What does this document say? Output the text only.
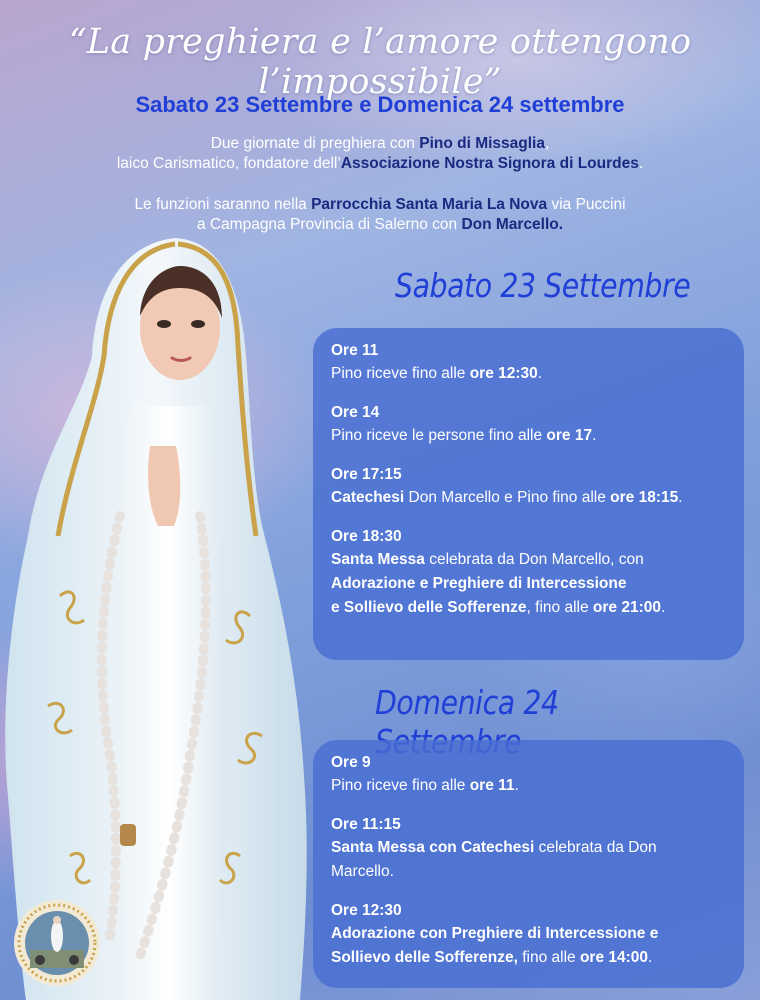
“La preghiera e l’amore ottengono l’impossibile”
Sabato 23 Settembre e Domenica 24 settembre
Due giornate di preghiera con Pino di Missaglia,
laico Carismatico, fondatore dell’Associazione Nostra Signora di Lourdes.
Le funzioni saranno nella Parrocchia Santa Maria La Nova via Puccini
a Campagna Provincia di Salerno con Don Marcello.
Sabato 23 Settembre
Ore 11
Pino riceve fino alle ore 12:30.
Ore 14
Pino riceve le persone fino alle ore 17.
Ore 17:15
Catechesi Don Marcello e Pino fino alle ore 18:15.
Ore 18:30
Santa Messa celebrata da Don Marcello, con
Adorazione e Preghiere di Intercessione
e Sollievo delle Sofferenze, fino alle ore 21:00.
Domenica 24
Ore 9
Pino riceve fino alle ore 11.
Ore 11:15
Santa Messa con Catechesi celebrata da Don
Marcello.
Ore 12:30
Adorazione con Preghiere di Intercessione e
Sollievo delle Sofferenze, fino alle ore 14:00.
